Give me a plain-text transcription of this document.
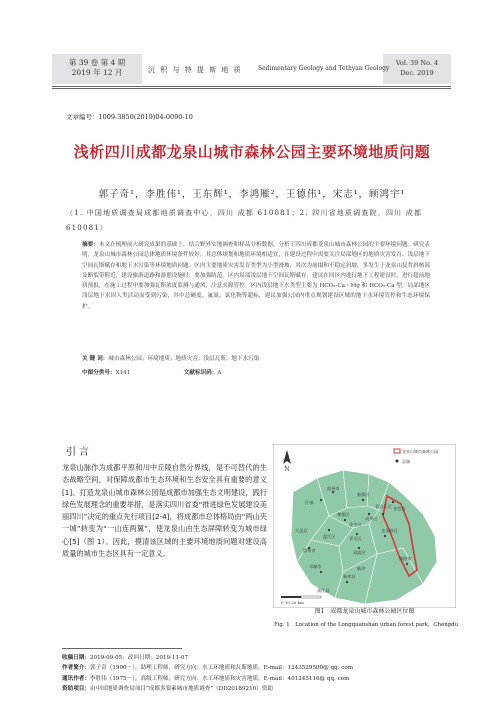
第 39 卷 第 4 期
2019 年 12 月	沉 积 与 特 提 斯 地 质	Sedimentary Geology and Tethyan Geology
Vol. 39 No. 4
Dec. 2019
文章编号：1009-3850(2019)04-0090-10
浅析四川成都龙泉山城市森林公园主要环境地质问题
郭子奇¹，李胜伟¹，王东辉¹，李鸿雁²，王德伟¹，宋志¹，顾鸿宇¹
（1. 中国地质调查局成都地质调查中心，四川 成都 610081；2. 四川省地质调查院，四川 成都 610081）
摘要：本文在梳理前人研究成果的基础上，结合野外实地调查和样品分析数据，分析了四川成都龙泉山城市森林公园的主要环境问题。研究表明，龙泉山城市森林公园总体地质环境条件较好，其总体规划和地质环境相适宜，在建设过程中需要关注局部地区的地质灾害发育、浅层地下空间瓦斯赋存和地下水污染等环境地质问题。区内主要地质灾害发育类型为小型滑坡，其次为崩塌和不稳定斜坡，多发生于龙泉山复背斜核部及断裂带附近，建设旅游道路和游憩设施时，要加强防范。区内局部浅层地下空间瓦斯赋存，建议在回区内进行地下工程建设时，进行超前地质预报，在施工过程中要加强瓦斯浓度监测与通风，注意火源管控。区内浅层地下水类型主要为 HCO₃-Ca・Mg 和 HCO₃-Ca 型，局部地区浅层地下水因人类活动而受到污染，其中总硬度、氟氮、氯化物等超标，建议加强公园内重点规划建设区域的地下水环境管控和生态环境保护。
关 键 词：城市森林公园；环境地质；地质灾害；浅层瓦斯；地下水污染
中图分类号：X141	文献标识码：A
引言
龙泉山脉作为成都平原和川中丘陵自然分界线，是不可替代的生态战略空间，对保障成都市生态环境和生态安全具有重要的意义[1]。打造龙泉山城市森林公园是成都市加强生态文明建设，践行绿色发展理念的重要举措，是落实四川省委“推进绿色发展建设美丽四川”决定的重点先行项目[2-4]，将成都市总体格局由“两山夹一城”转变为“一山连两翼”，使龙泉山由生态屏障转变为城市绿心[5]（图 1）。因此，摸清该区域的主要环境地质问题对建设高质量的城市生态区具有一定意义。
N
龙泉山城市森林公园
县城
彭州市
什邡
新都区
郫都区
成华区
金牛区
温江区	青羊区
龙泉驿区
简阳市
双流区
新津县
金堂县
青白江区
崇州市
大邑县
蒲江县
邛崃市	新津
0 10 20 km
图1　成都龙泉山城市森林公园区位图
Fig. 1　Location of the Longquanshan urban forest park，Chengdu
收稿日期：2019-09-05；改回日期：2019-11-07
作者简介：郭子奇（1990－），助理工程师，研究方向：水工环地质和瓦斯地质。E-mail：1243529500@ qq. com
通讯作者：李胜伟（1975－），高级工程师，研究方向：水工环地质和灾害地质。E-mail：401245116@ qq. com
资助项目：由中国地质调查局项目“成都多要素城市地质调查”（DD20189210）资助
